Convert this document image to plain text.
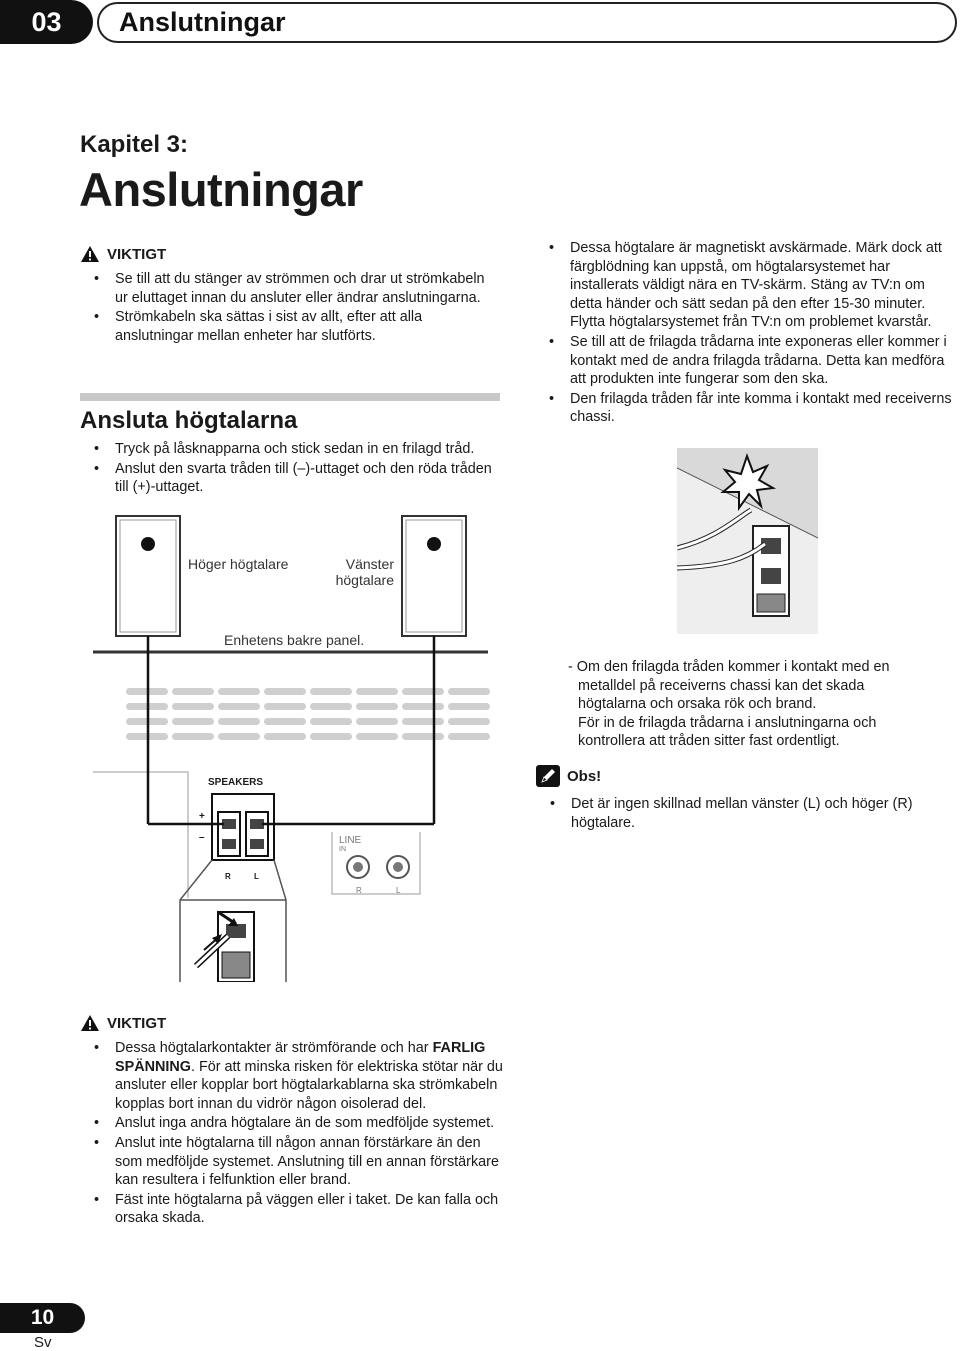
03	Anslutningar
Kapitel 3:
Anslutningar
VIKTIGT
• Se till att du stänger av strömmen och drar ut strömkabeln ur eluttaget innan du ansluter eller ändrar anslutningarna.
• Strömkabeln ska sättas i sist av allt, efter att alla anslutningar mellan enheter har slutförts.
Ansluta högtalarna
• Tryck på låsknapparna och stick sedan in en frilagd tråd.
• Anslut den svarta tråden till (–)-uttaget och den röda tråden till (+)-uttaget.
• Dessa högtalare är magnetiskt avskärmade. Märk dock att färgblödning kan uppstå, om högtalarsystemet har installerats väldigt nära en TV-skärm. Stäng av TV:n om detta händer och sätt sedan på den efter 15-30 minuter. Flytta högtalarsystemet från TV:n om problemet kvarstår.
• Se till att de frilagda trådarna inte exponeras eller kommer i kontakt med de andra frilagda trådarna. Detta kan medföra att produkten inte fungerar som den ska.
• Den frilagda tråden får inte komma i kontakt med receiverns chassi.
Höger högtalare	Vänster högtalare
Enhetens bakre panel.
SPEAKERS
+
–
R	L
LINE
IN
R	L
- Om den frilagda tråden kommer i kontakt med en
metalldel på receiverns chassi kan det skada
högtalarna och orsaka rök och brand.
För in de frilagda trådarna i anslutningarna och
kontrollera att tråden sitter fast ordentligt.
Obs!
• Det är ingen skillnad mellan vänster (L) och höger (R) högtalare.
VIKTIGT
• Dessa högtalarkontakter är strömförande och har FARLIG SPÄNNING. För att minska risken för elektriska stötar när du ansluter eller kopplar bort högtalarkablarna ska strömkabeln kopplas bort innan du vidrör någon oisolerad del.
• Anslut inga andra högtalare än de som medföljde systemet.
• Anslut inte högtalarna till någon annan förstärkare än den som medföljde systemet. Anslutning till en annan förstärkare kan resultera i felfunktion eller brand.
• Fäst inte högtalarna på väggen eller i taket. De kan falla och orsaka skada.
10
Sv
